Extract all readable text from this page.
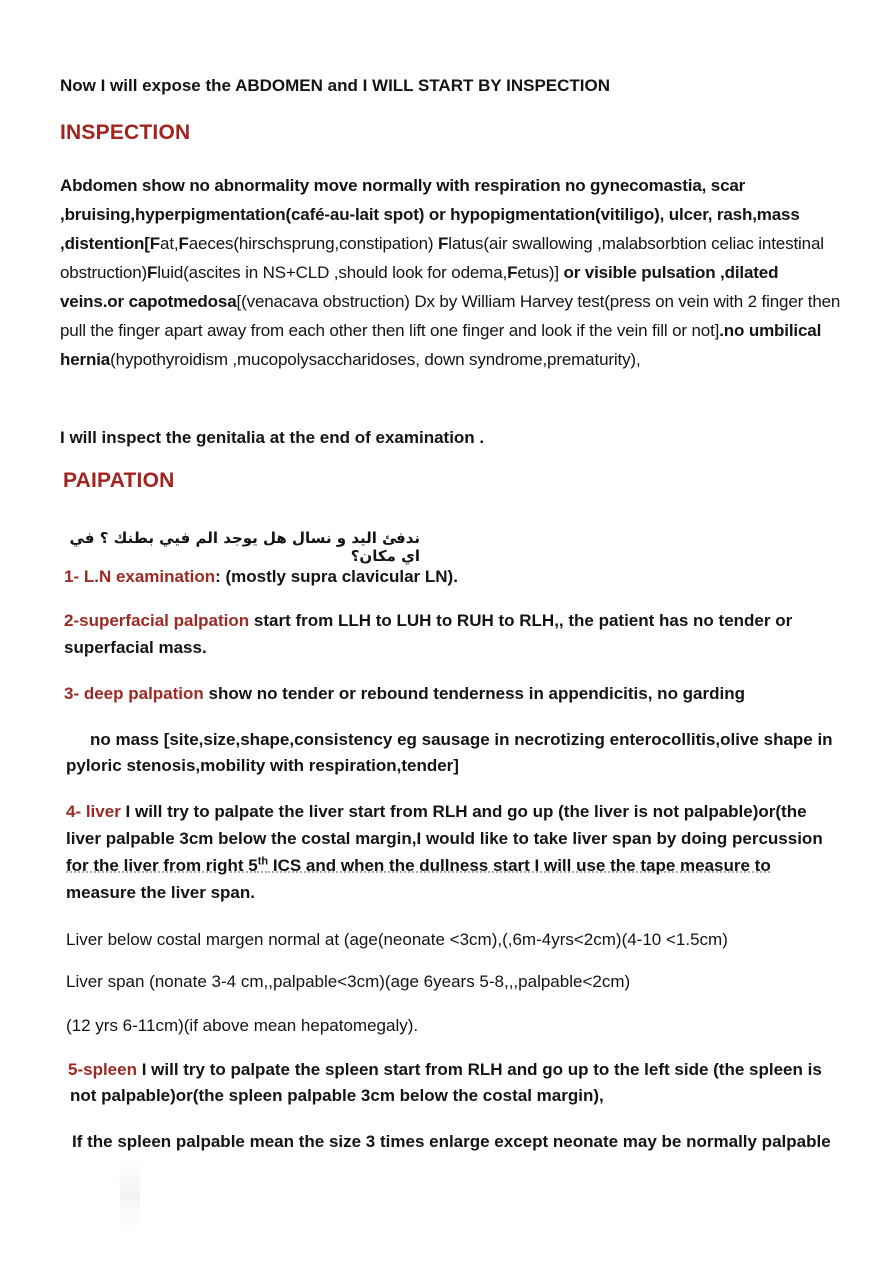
Now I will expose the ABDOMEN and I WILL START BY INSPECTION

INSPECTION

Abdomen show no abnormality move normally with respiration no gynecomastia, scar ,bruising,hyperpigmentation(café-au-lait spot) or hypopigmentation(vitiligo), ulcer, rash,mass ,distention[Fat,Faeces(hirschsprung,constipation) Flatus(air swallowing ,malabsorbtion celiac intestinal obstruction)Fluid(ascites in NS+CLD ,should look for odema,Fetus)] or visible pulsation ,dilated veins.or capotmedosa[(venacava obstruction) Dx by William Harvey test(press on vein with 2 finger then pull the finger apart away from each other then lift one finger and look if the vein fill or not].no umbilical hernia(hypothyroidism ,mucopolysaccharidoses, down syndrome,prematurity),

I will inspect the genitalia at the end of examination .

PAIPATION

ندفئ اليد و نسال هل يوجد الم فيي بطنك ؟ في اي مكان؟

1- L.N examination: (mostly supra clavicular LN).

2-superfacial palpation start from LLH to LUH to RUH to RLH,, the patient has no tender or

superfacial mass.

3- deep palpation show no tender or rebound tenderness in appendicitis, no garding

no mass [site,size,shape,consistency eg sausage in necrotizing enterocollitis,olive shape in

pyloric stenosis,mobility with respiration,tender]

4- liver I will try to palpate the liver start from RLH and go up (the liver is not palpable)or(the

liver palpable 3cm below the costal margin,I would like to take liver span by doing percussion

for the liver from right 5th ICS and when the dullness start I will use the tape measure to

measure the liver span.

Liver below costal margen normal at (age(neonate <3cm),(,6m-4yrs<2cm)(4-10 <1.5cm)

Liver span (nonate 3-4 cm,,palpable<3cm)(age 6years 5-8,,,palpable<2cm)

(12 yrs 6-11cm)(if above mean hepatomegaly).

5-spleen I will try to palpate the spleen start from RLH and go up to the left side (the spleen is

not palpable)or(the spleen palpable 3cm below the costal margin),

If the spleen palpable mean the size 3 times enlarge except neonate may be normally palpable
